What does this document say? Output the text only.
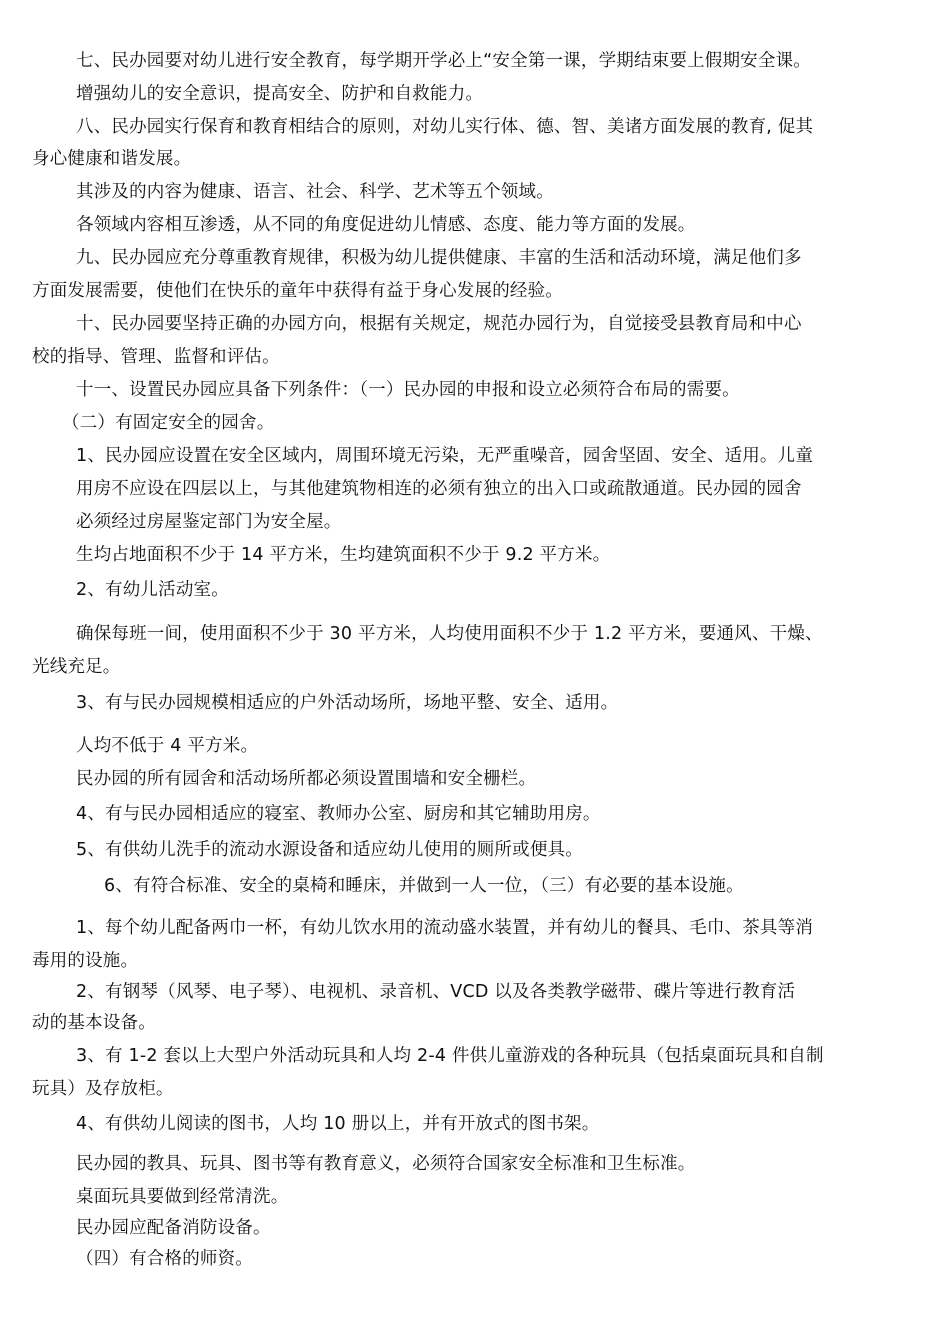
七、民办园要对幼儿进行安全教育，每学期开学必上“安全第一课，学期结束要上假期安全课。
增强幼儿的安全意识，提高安全、防护和自救能力。
八、民办园实行保育和教育相结合的原则，对幼儿实行体、德、智、美诸方面发展的教育, 促其
身心健康和谐发展。
其涉及的内容为健康、语言、社会、科学、艺术等五个领域。
各领域内容相互渗透，从不同的角度促进幼儿情感、态度、能力等方面的发展。
九、民办园应充分尊重教育规律，积极为幼儿提供健康、丰富的生活和活动环境，满足他们多
方面发展需要，使他们在快乐的童年中获得有益于身心发展的经验。
十、民办园要坚持正确的办园方向，根据有关规定，规范办园行为，自觉接受县教育局和中心
校的指导、管理、监督和评估。
十一、设置民办园应具备下列条件：（一）民办园的申报和设立必须符合布局的需要。
（二）有固定安全的园舍。
1、民办园应设置在安全区域内，周围环境无污染，无严重噪音，园舍坚固、安全、适用。儿童
用房不应设在四层以上，与其他建筑物相连的必须有独立的出入口或疏散通道。民办园的园舍
必须经过房屋鉴定部门为安全屋。
生均占地面积不少于 14 平方米，生均建筑面积不少于 9.2 平方米。
2、有幼儿活动室。
确保每班一间，使用面积不少于 30 平方米，人均使用面积不少于 1.2 平方米，要通风、干燥、
光线充足。
3、有与民办园规模相适应的户外活动场所，场地平整、安全、适用。
人均不低于 4 平方米。
民办园的所有园舍和活动场所都必须设置围墙和安全栅栏。
4、有与民办园相适应的寝室、教师办公室、厨房和其它辅助用房。
5、有供幼儿洗手的流动水源设备和适应幼儿使用的厕所或便具。
6、有符合标准、安全的桌椅和睡床，并做到一人一位，（三）有必要的基本设施。
1、每个幼儿配备两巾一杯，有幼儿饮水用的流动盛水装置，并有幼儿的餐具、毛巾、茶具等消
毒用的设施。
2、有钢琴（风琴、电子琴）、电视机、录音机、VCD 以及各类教学磁带、碟片等进行教育活
动的基本设备。
3、有 1-2 套以上大型户外活动玩具和人均 2-4 件供儿童游戏的各种玩具（包括桌面玩具和自制
玩具）及存放柜。
4、有供幼儿阅读的图书，人均 10 册以上，并有开放式的图书架。
民办园的教具、玩具、图书等有教育意义，必须符合国家安全标准和卫生标准。
桌面玩具要做到经常清洗。
民办园应配备消防设备。
（四）有合格的师资。
